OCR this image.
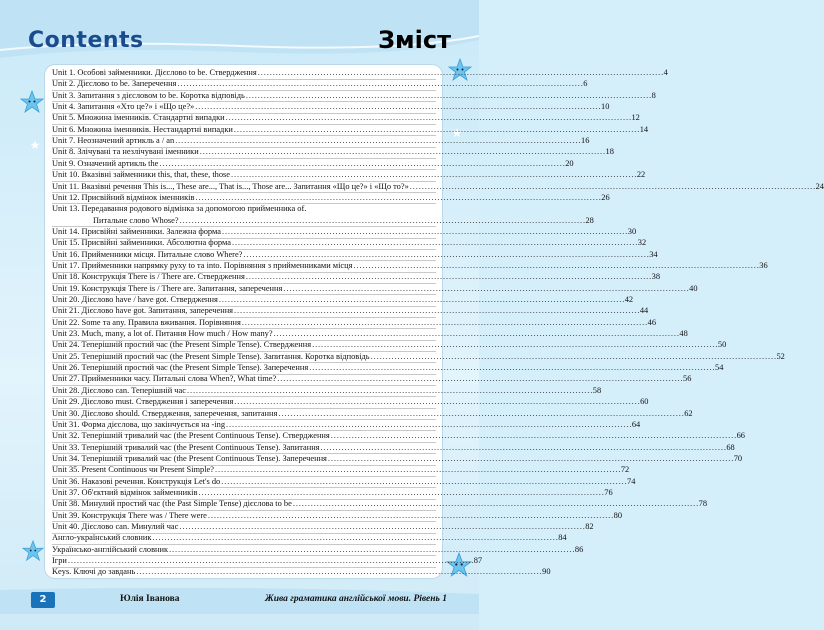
Contents	Зміст
Unit 1. Особові займенники. Дієслово to be. Ствердження . . .	4
Unit 2. Дієслово to be. Заперечення . . .	6
Unit 3. Запитання з дієсловом to be. Коротка відповідь . . .	8
Unit 4. Запитання «Хто це?» і «Що це?» . . .	10
Unit 5. Множина іменників. Стандартні випадки . . .	12
Unit 6. Множина іменників. Нестандартні випадки . . .	14
Unit 7. Неозначений артикль a / an . . .	16
Unit 8. Злічувані та незлічувані іменники . . .	18
Unit 9. Означений артикль the . . .	20
Unit 10. Вказівні займенники this, that, these, those . . .	22
Unit 11. Вказівні речення This is..., These are..., That is..., Those are... Запитання «Що це?» і «Що то?» . . .	24
Unit 12. Присвійний відмінок іменників . . .	26
Unit 13. Передавання родового відмінка за допомогою прийменника of.
Питальне слово Whose? . . .	28
Unit 14. Присвійні займенники. Залежна форма . . .	30
Unit 15. Присвійні займенники. Абсолютна форма . . .	32
Unit 16. Прийменники місця. Питальне слово Where? . . .	34
Unit 17. Прийменники напрямку руху to та into. Порівняння з прийменниками місця . . .	36
Unit 18. Конструкція There is / There are. Ствердження . . .	38
Unit 19. Конструкція There is / There are. Запитання, заперечення . . .	40
Unit 20. Дієслово have / have got. Ствердження . . .	42
Unit 21. Дієслово have got. Запитання, заперечення . . .	44
Unit 22. Some та any. Правила вживання. Порівняння . . .	46
Unit 23. Much, many, a lot of. Питання How much / How many? . . .	48
Unit 24. Теперішній простий час (the Present Simple Tense). Ствердження . . .	50
Unit 25. Теперішній простий час (the Present Simple Tense). Запитання. Коротка відповідь . . .	52
Unit 26. Теперішній простий час (the Present Simple Tense). Заперечення . . .	54
Unit 27. Прийменники часу. Питальні слова When?, What time? . . .	56
Unit 28. Дієслово can. Теперішній час . . .	58
Unit 29. Дієслово must. Ствердження і заперечення . . .	60
Unit 30. Дієслово should. Ствердження, заперечення, запитання . . .	62
Unit 31. Форма дієслова, що закінчується на -ing . . .	64
Unit 32. Теперішній тривалий час (the Present Continuous Tense). Ствердження . . .	66
Unit 33. Теперішній тривалий час (the Present Continuous Tense). Запитання . . .	68
Unit 34. Теперішній тривалий час (the Present Continuous Tense). Заперечення . . .	70
Unit 35. Present Continuous чи Present Simple? . . .	72
Unit 36. Наказові речення. Конструкція Let's do . . .	74
Unit 37. Об'єктний відмінок займенників . . .	76
Unit 38. Минулий простий час (the Past Simple Tense) дієслова to be . . .	78
Unit 39. Конструкція There was / There were . . .	80
Unit 40. Дієслово can. Минулий час . . .	82
Англо-український словник . . .	84
Українсько-англійський словник . . .	86
Ігри . . .	87
Keys. Ключі до завдань . . .	90
2	Юлія Іванова	Жива граматика англійської мови. Рівень 1
